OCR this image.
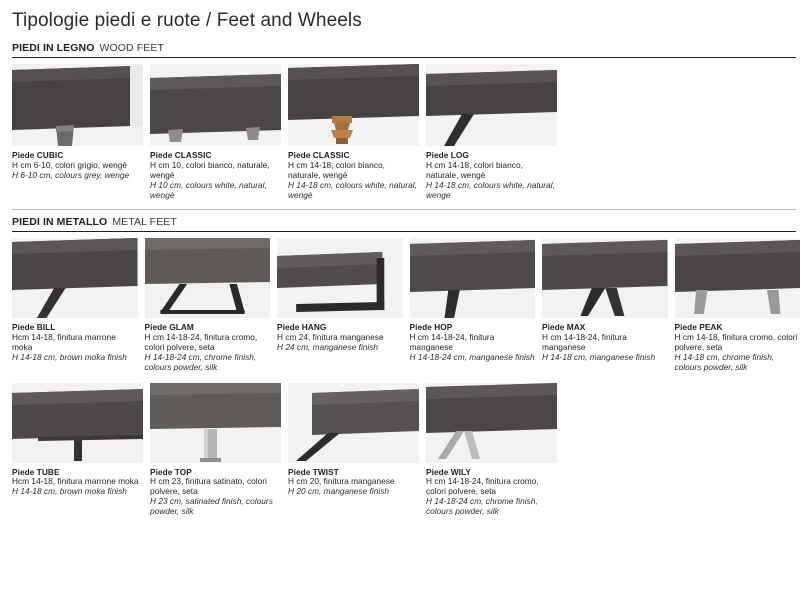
Tipologie piedi e ruote / Feet and Wheels
PIEDI IN LEGNO WOOD FEET
Piede CUBIC
H cm 6-10, colori grigio, wengè
H 6-10 cm, colours grey, wenge
Piede CLASSIC
H cm 10, colori bianco, naturale, wengè
H 10 cm, colours white, natural, wengè
Piede CLASSIC
H cm 14-18, colori bianco, naturale, wengè
H 14-18 cm, colours white, natural, wengè
Piede LOG
H cm 14-18, colori bianco, naturale, wengè
H 14-18 cm, colours white, natural, wenge
PIEDI IN METALLO METAL FEET
Piede BILL
Hcm 14-18, finitura marrone moka
H 14-18 cm, brown moka finish
Piede GLAM
H cm 14-18-24, finitura cromo, colori polvere, seta
H 14-18-24 cm, chrome finish, colours powder, silk
Piede HANG
H cm 24, finitura manganese
H 24 cm, manganese finish
Piede HOP
H cm 14-18-24, finitura manganese
H 14-18-24 cm, manganese finish
Piede MAX
H cm 14-18-24, finitura manganese
H 14-18 cm, manganese finish
Piede PEAK
H cm 14-18, finitura cromo, colori polvere, seta
H 14-18 cm, chrome finish, colours powder, silk
Piede TUBE
Hcm 14-18, finitura marrone moka
H 14-18 cm, brown moka finish
Piede TOP
H cm 23, finitura satinato, colori polvere, seta
H 23 cm, satinated finish, colours powder, silk
Piede TWIST
H cm 20, finitura manganese
H 20 cm, manganese finish
Piede WILY
H cm 14-18-24, finitura cromo, colori polvere, seta
H 14-18-24 cm, chrome finish, colours powder, silk
